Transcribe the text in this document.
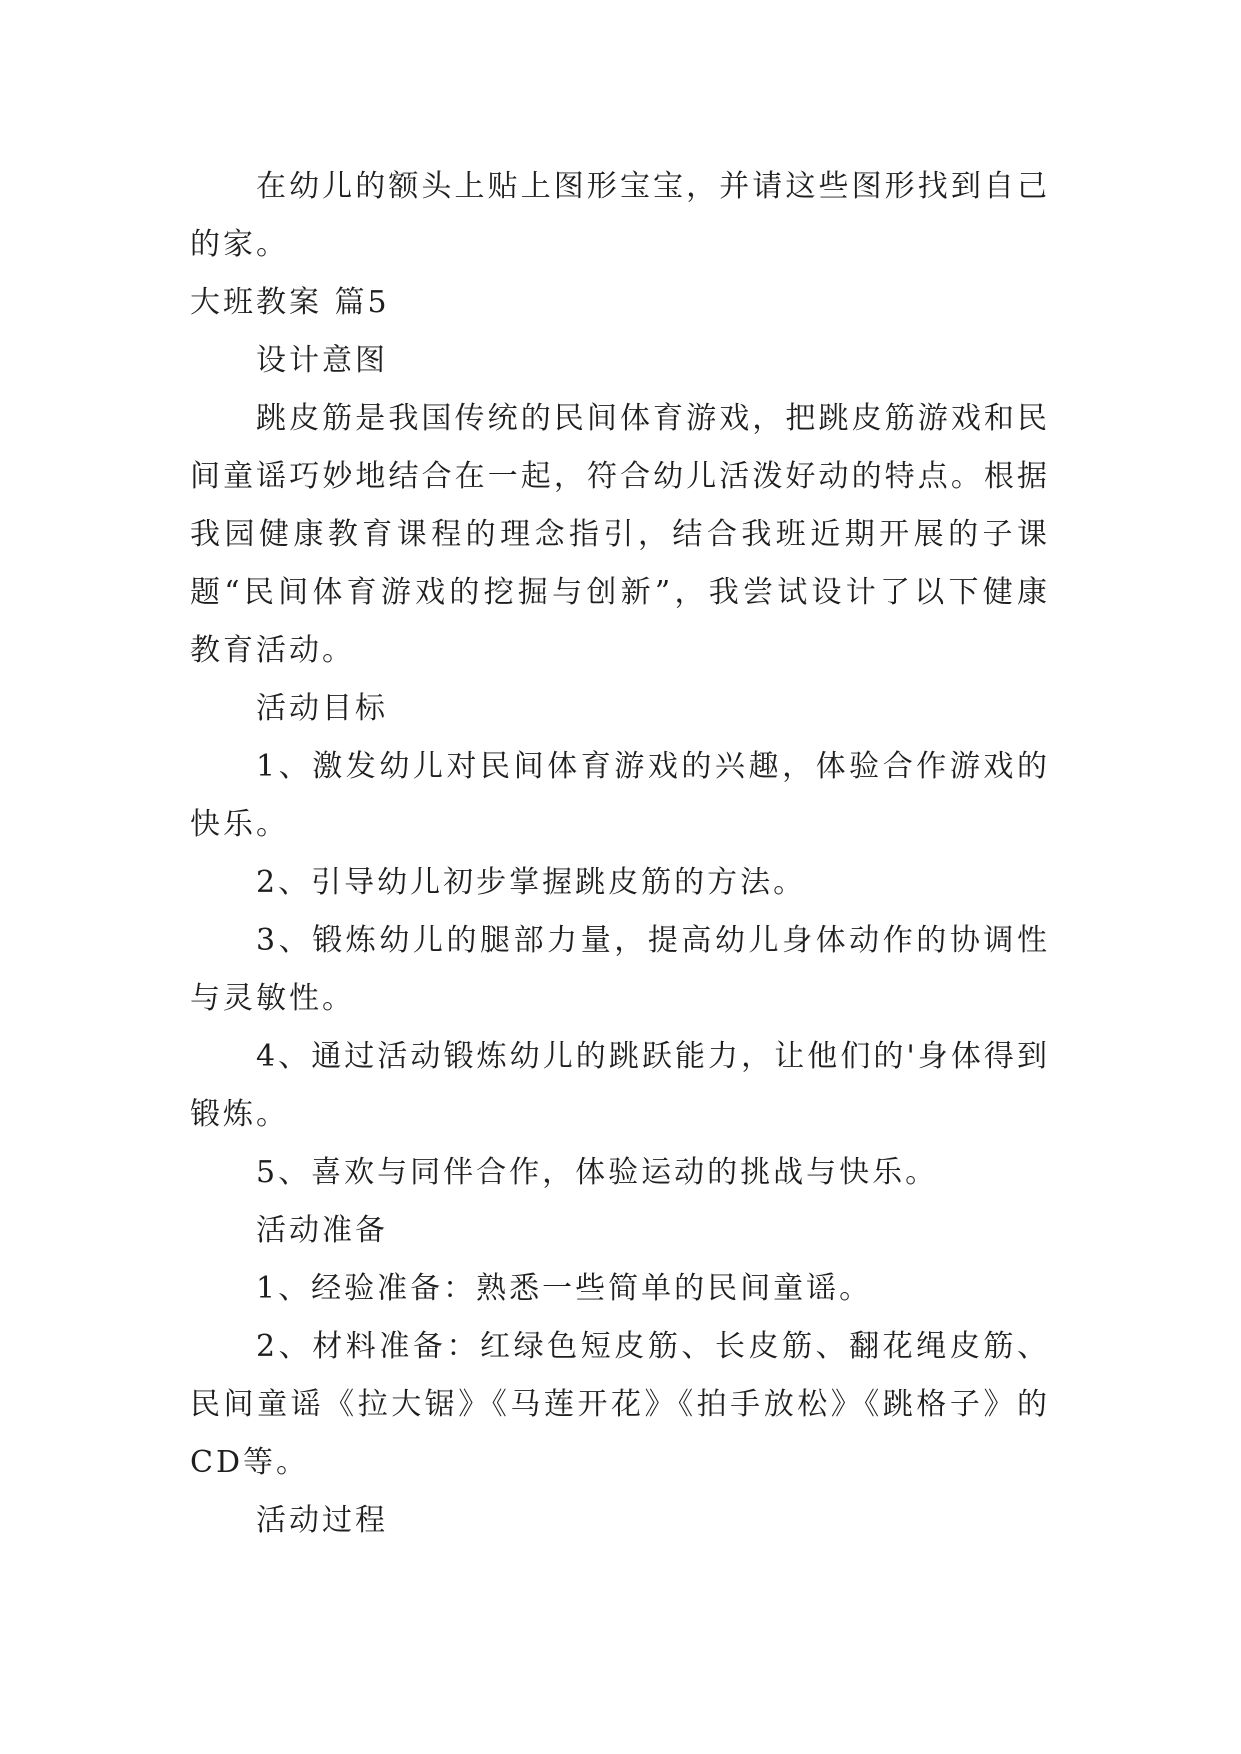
在幼儿的额头上贴上图形宝宝，并请这些图形找到自己的家。

大班教案 篇5

设计意图

跳皮筋是我国传统的民间体育游戏，把跳皮筋游戏和民间童谣巧妙地结合在一起，符合幼儿活泼好动的特点。根据我园健康教育课程的理念指引，结合我班近期开展的子课题“民间体育游戏的挖掘与创新”，我尝试设计了以下健康教育活动。

活动目标

1、激发幼儿对民间体育游戏的兴趣，体验合作游戏的快乐。

2、引导幼儿初步掌握跳皮筋的方法。

3、锻炼幼儿的腿部力量，提高幼儿身体动作的协调性与灵敏性。

4、通过活动锻炼幼儿的跳跃能力，让他们的'身体得到锻炼。

5、喜欢与同伴合作，体验运动的挑战与快乐。

活动准备

1、经验准备：熟悉一些简单的民间童谣。

2、材料准备：红绿色短皮筋、长皮筋、翻花绳皮筋、民间童谣《拉大锯》《马莲开花》《拍手放松》《跳格子》的CD等。

活动过程
